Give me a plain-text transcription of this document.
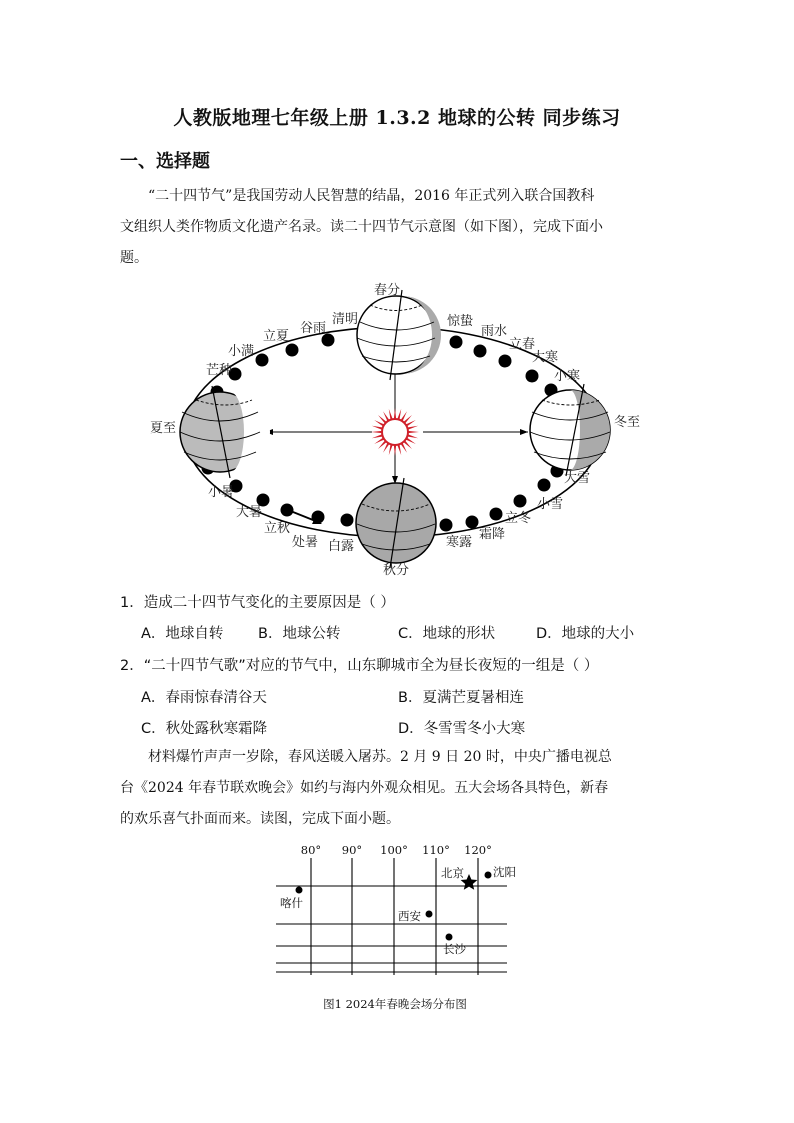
人教版地理七年级上册 1.3.2 地球的公转 同步练习
一、选择题
“二十四节气”是我国劳动人民智慧的结晶，2016 年正式列入联合国教科
文组织人类作物质文化遗产名录。读二十四节气示意图（如下图），完成下面小
题。
春分
清明
谷雨
立夏
小满
芒种
夏至
小暑
大暑
立秋
处暑 白露
秋分
寒露
霜降
立冬
小雪
大雪
冬至
小寒
大寒
立春
雨水
惊蛰
1．造成二十四节气变化的主要原因是（ ）
A．地球自转 B．地球公转	C．地球的形状	D．地球的大小
2．“二十四节气歌”对应的节气中，山东聊城市全为昼长夜短的一组是（ ）
A．春雨惊春清谷天	B．夏满芒夏暑相连
C．秋处露秋寒霜降	D．冬雪雪冬小大寒
材料爆竹声声一岁除，春风送暖入屠苏。2 月 9 日 20 时，中央广播电视总
台《2024 年春节联欢晚会》如约与海内外观众相见。五大会场各具特色，新春
的欢乐喜气扑面而来。读图，完成下面小题。
80° 90° 100° 110° 120°
喀什
西安
北京	沈阳
长沙
图1 2024年春晚会场分布图
